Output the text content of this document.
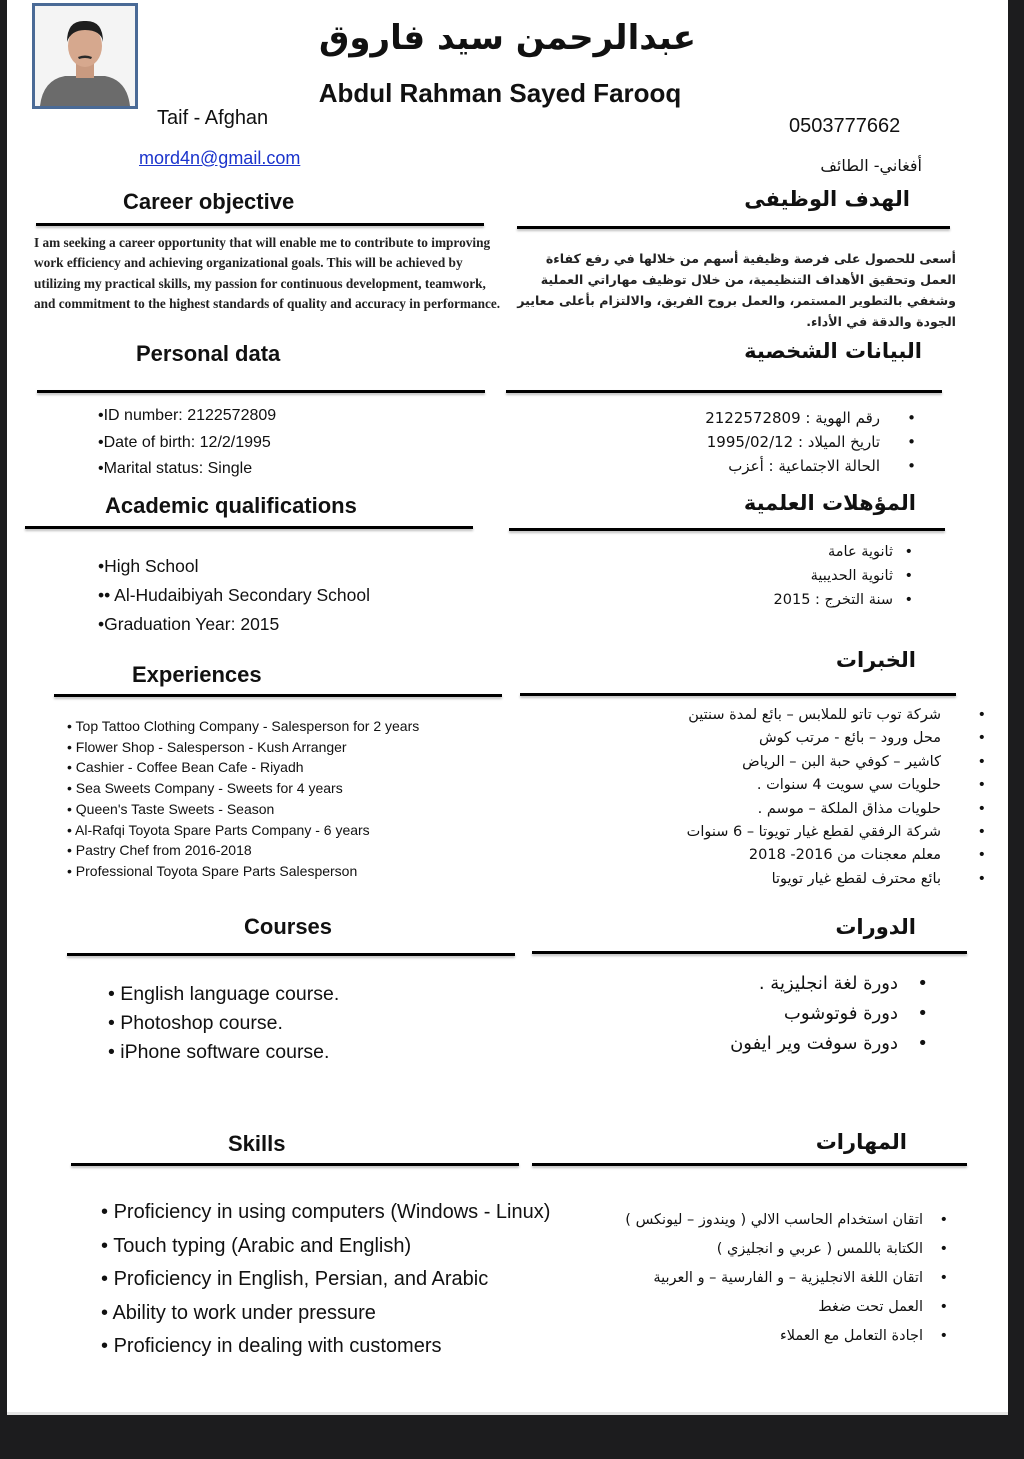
عبدالرحمن سيد فاروق
Abdul Rahman Sayed Farooq
Taif - Afghan
mord4n@gmail.com
0503777662
أفغاني- الطائف
Career objective	الهدف الوظيفى
I am seeking a career opportunity that will enable me to contribute to improving work efficiency and achieving organizational goals. This will be achieved by utilizing my practical skills, my passion for continuous development, teamwork, and commitment to the highest standards of quality and accuracy in performance.
أسعى للحصول على فرصة وظيفية أسهم من خلالها في رفع كفاءة العمل وتحقيق الأهداف التنظيمية، من خلال توظيف مهاراتي العملية وشغفي بالتطوير المستمر، والعمل بروح الفريق، والالتزام بأعلى معايير الجودة والدقة في الأداء.
Personal data	البيانات الشخصية
•ID number: 2122572809
•Date of birth: 12/2/1995
•Marital status: Single
•
رقم الهوية : 2122572809
•
تاريخ الميلاد : 1995/02/12
•
الحالة الاجتماعية : أعزب
Academic qualifications	المؤهلات العلمية
•High School
•• Al-Hudaibiyah Secondary School
•Graduation Year: 2015
•
ثانوية عامة
•
ثانوية الحديبية
•
سنة التخرج : 2015
Experiences
الخبرات
• Top Tattoo Clothing Company - Salesperson for 2 years
• Flower Shop - Salesperson - Kush Arranger
• Cashier - Coffee Bean Cafe - Riyadh
• Sea Sweets Company - Sweets for 4 years
• Queen's Taste Sweets - Season
• Al-Rafqi Toyota Spare Parts Company - 6 years
• Pastry Chef from 2016-2018
• Professional Toyota Spare Parts Salesperson
•
شركة توب تاتو للملابس – بائع لمدة سنتين
•
محل ورود – بائع - مرتب كوش
•
كاشير – كوفي حبة البن – الرياض
•
حلويات سي سويت 4 سنوات .
•
حلويات مذاق الملكة – موسم .
•
شركة الرفقي لقطع غيار تويوتا – 6 سنوات
•
معلم معجنات من 2016- 2018
•
بائع محترف لقطع غيار تويوتا
Courses	الدورات
• English language course.
• Photoshop course.
• iPhone software course.
•
دورة لغة انجليزية .
•
دورة فوتوشوب
•
دورة سوفت وير ايفون
Skills	المهارات
• Proficiency in using computers (Windows - Linux)
• Touch typing (Arabic and English)
• Proficiency in English, Persian, and Arabic
• Ability to work under pressure
• Proficiency in dealing with customers
•
اتقان استخدام الحاسب الالي ( ويندوز – ليونكس )
•
الكتابة باللمس ( عربي و انجليزي )
•
اتقان اللغة الانجليزية – و الفارسية – و العربية
•
العمل تحت ضغط
•
اجادة التعامل مع العملاء
